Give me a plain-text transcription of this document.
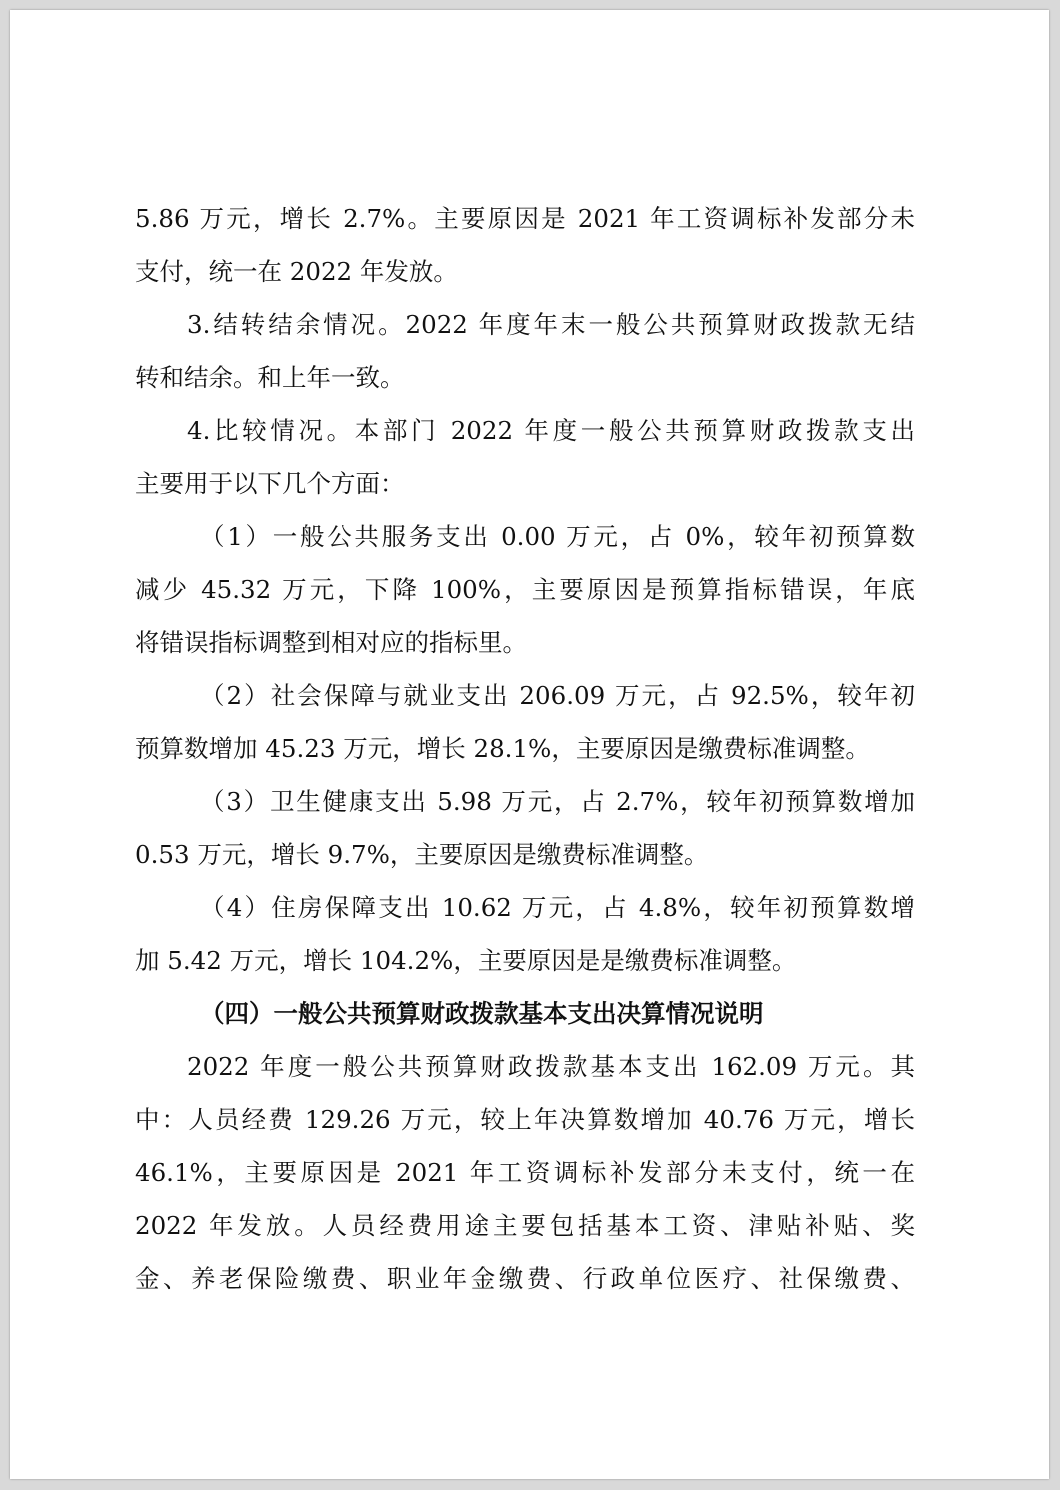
5.86 万元，增长 2.7%。主要原因是 2021 年工资调标补发部分未
支付，统一在 2022 年发放。
3.结转结余情况。2022 年度年末一般公共预算财政拨款无结
转和结余。和上年一致。
4.比较情况。本部门 2022 年度一般公共预算财政拨款支出
主要用于以下几个方面：
（1）一般公共服务支出 0.00 万元，占 0%，较年初预算数
减少 45.32 万元，下降 100%，主要原因是预算指标错误，年底
将错误指标调整到相对应的指标里。
（2）社会保障与就业支出 206.09 万元，占 92.5%，较年初
预算数增加 45.23 万元，增长 28.1%，主要原因是缴费标准调整。
（3）卫生健康支出 5.98 万元，占 2.7%，较年初预算数增加
0.53 万元，增长 9.7%，主要原因是缴费标准调整。
（4）住房保障支出 10.62 万元，占 4.8%，较年初预算数增
加 5.42 万元，增长 104.2%，主要原因是是缴费标准调整。
（四）一般公共预算财政拨款基本支出决算情况说明
2022 年度一般公共预算财政拨款基本支出 162.09 万元。其
中：人员经费 129.26 万元，较上年决算数增加 40.76 万元，增长
46.1%，主要原因是 2021 年工资调标补发部分未支付，统一在
2022 年发放。人员经费用途主要包括基本工资、津贴补贴、奖
金、养老保险缴费、职业年金缴费、行政单位医疗、社保缴费、
